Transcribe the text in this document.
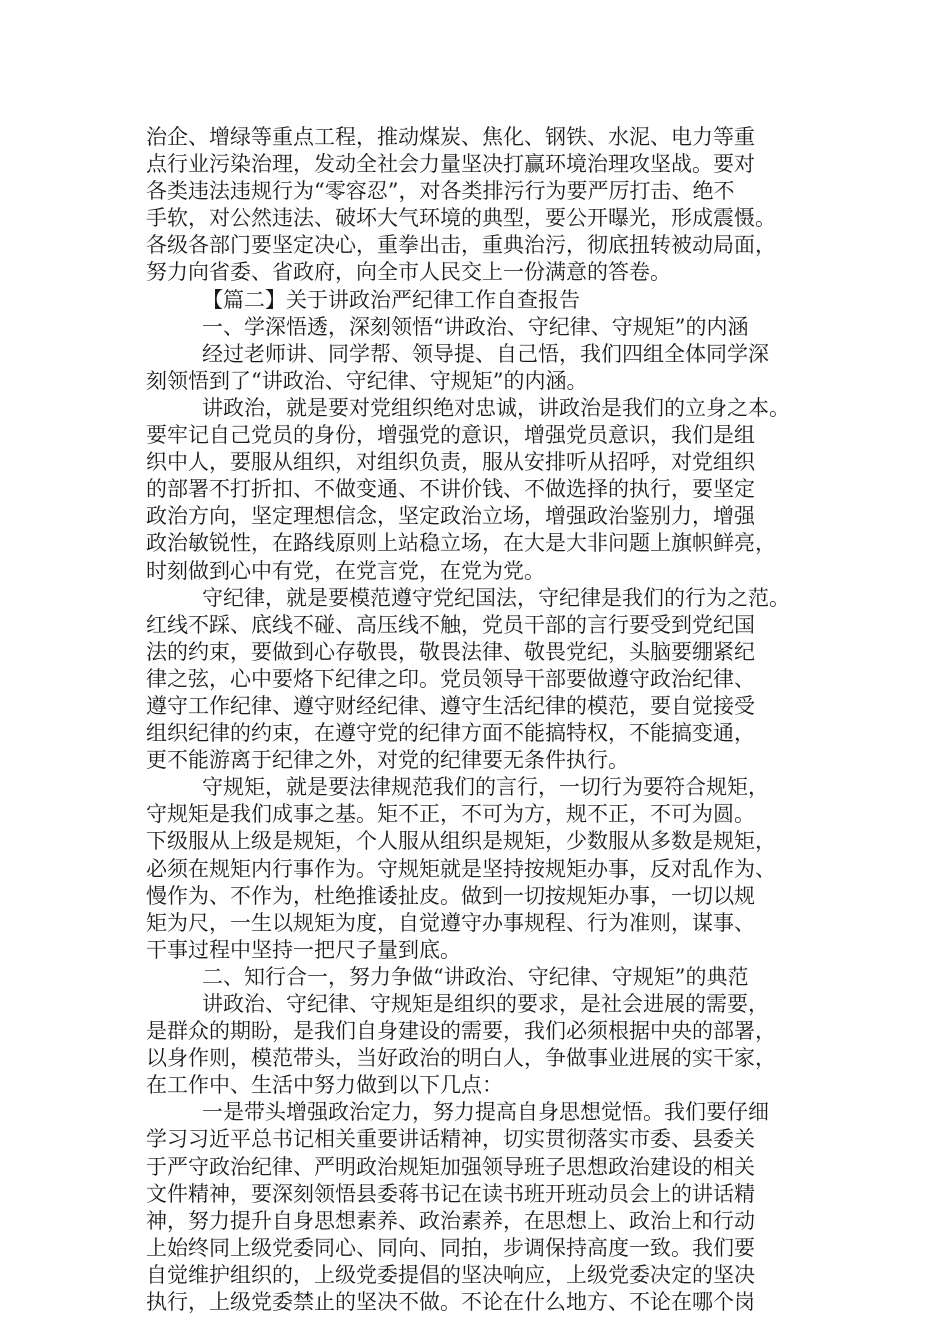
治企、增绿等重点工程，推动煤炭、焦化、钢铁、水泥、电力等重
点行业污染治理，发动全社会力量坚决打赢环境治理攻坚战。要对
各类违法违规行为“零容忍”，对各类排污行为要严厉打击、绝不
手软，对公然违法、破坏大气环境的典型，要公开曝光，形成震慑。
各级各部门要坚定决心，重拳出击，重典治污，彻底扭转被动局面，
努力向省委、省政府，向全市人民交上一份满意的答卷。
【篇二】关于讲政治严纪律工作自查报告
一、学深悟透，深刻领悟“讲政治、守纪律、守规矩”的内涵
经过老师讲、同学帮、领导提、自己悟，我们四组全体同学深
刻领悟到了“讲政治、守纪律、守规矩”的内涵。
讲政治，就是要对党组织绝对忠诚，讲政治是我们的立身之本。
要牢记自己党员的身份，增强党的意识，增强党员意识，我们是组
织中人，要服从组织，对组织负责，服从安排听从招呼，对党组织
的部署不打折扣、不做变通、不讲价钱、不做选择的执行，要坚定
政治方向，坚定理想信念，坚定政治立场，增强政治鉴别力，增强
政治敏锐性，在路线原则上站稳立场，在大是大非问题上旗帜鲜亮，
时刻做到心中有党，在党言党，在党为党。
守纪律，就是要模范遵守党纪国法，守纪律是我们的行为之范。
红线不踩、底线不碰、高压线不触，党员干部的言行要受到党纪国
法的约束，要做到心存敬畏，敬畏法律、敬畏党纪，头脑要绷紧纪
律之弦，心中要烙下纪律之印。党员领导干部要做遵守政治纪律、
遵守工作纪律、遵守财经纪律、遵守生活纪律的模范，要自觉接受
组织纪律的约束，在遵守党的纪律方面不能搞特权，不能搞变通，
更不能游离于纪律之外，对党的纪律要无条件执行。
守规矩，就是要法律规范我们的言行，一切行为要符合规矩，
守规矩是我们成事之基。矩不正，不可为方，规不正，不可为圆。
下级服从上级是规矩，个人服从组织是规矩，少数服从多数是规矩，
必须在规矩内行事作为。守规矩就是坚持按规矩办事，反对乱作为、
慢作为、不作为，杜绝推诿扯皮。做到一切按规矩办事，一切以规
矩为尺，一生以规矩为度，自觉遵守办事规程、行为准则，谋事、
干事过程中坚持一把尺子量到底。
二、知行合一，努力争做“讲政治、守纪律、守规矩”的典范
讲政治、守纪律、守规矩是组织的要求，是社会进展的需要，
是群众的期盼，是我们自身建设的需要，我们必须根据中央的部署，
以身作则，模范带头，当好政治的明白人，争做事业进展的实干家，
在工作中、生活中努力做到以下几点：
一是带头增强政治定力，努力提高自身思想觉悟。我们要仔细
学习习近平总书记相关重要讲话精神，切实贯彻落实市委、县委关
于严守政治纪律、严明政治规矩加强领导班子思想政治建设的相关
文件精神，要深刻领悟县委蒋书记在读书班开班动员会上的讲话精
神，努力提升自身思想素养、政治素养，在思想上、政治上和行动
上始终同上级党委同心、同向、同拍，步调保持高度一致。我们要
自觉维护组织的，上级党委提倡的坚决响应，上级党委决定的坚决
执行，上级党委禁止的坚决不做。不论在什么地方、不论在哪个岗
